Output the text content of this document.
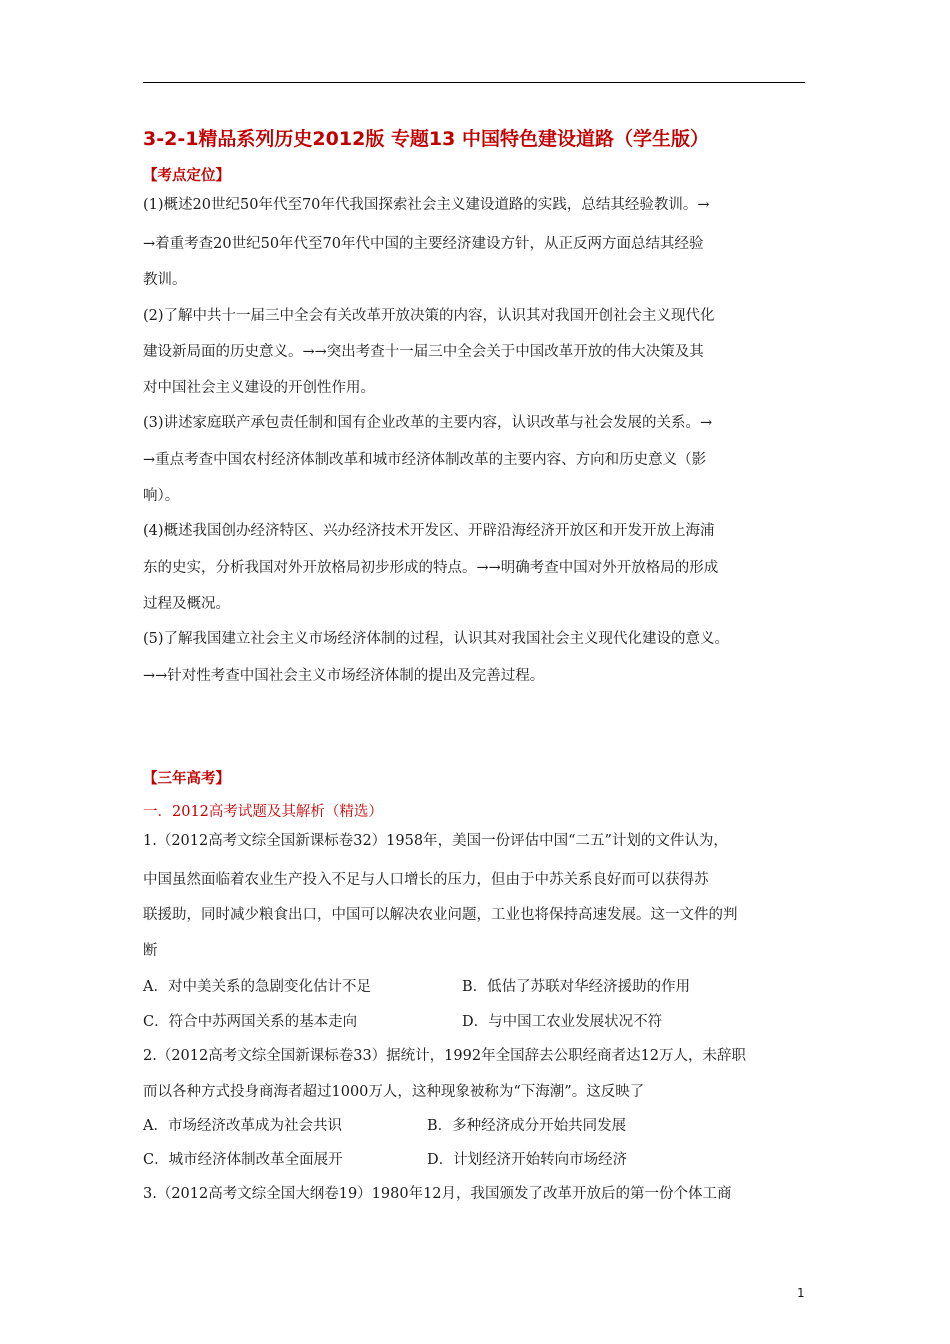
3-2-1精品系列历史2012版 专题13 中国特色建设道路（学生版）
【考点定位】
(1)概述20世纪50年代至70年代我国探索社会主义建设道路的实践，总结其经验教训。→
→着重考查20世纪50年代至70年代中国的主要经济建设方针，从正反两方面总结其经验
教训。
(2)了解中共十一届三中全会有关改革开放决策的内容，认识其对我国开创社会主义现代化
建设新局面的历史意义。→→突出考查十一届三中全会关于中国改革开放的伟大决策及其
对中国社会主义建设的开创性作用。
(3)讲述家庭联产承包责任制和国有企业改革的主要内容，认识改革与社会发展的关系。→
→重点考查中国农村经济体制改革和城市经济体制改革的主要内容、方向和历史意义（影
响）。
(4)概述我国创办经济特区、兴办经济技术开发区、开辟沿海经济开放区和开发开放上海浦
东的史实，分析我国对外开放格局初步形成的特点。→→明确考查中国对外开放格局的形成
过程及概况。
(5)了解我国建立社会主义市场经济体制的过程，认识其对我国社会主义现代化建设的意义。
→→针对性考查中国社会主义市场经济体制的提出及完善过程。
【三年高考】
一．2012高考试题及其解析（精选）
1.（2012高考文综全国新课标卷32）1958年，美国一份评估中国“二五”计划的文件认为，
中国虽然面临着农业生产投入不足与人口增长的压力，但由于中苏关系良好而可以获得苏
联援助，同时减少粮食出口，中国可以解决农业问题，工业也将保持高速发展。这一文件的判
断
A．对中美关系的急剧变化估计不足	B．低估了苏联对华经济援助的作用
C．符合中苏两国关系的基本走向	D．与中国工农业发展状况不符
2.（2012高考文综全国新课标卷33）据统计，1992年全国辞去公职经商者达12万人，未辞职
而以各种方式投身商海者超过1000万人，这种现象被称为“下海潮”。这反映了
A．市场经济改革成为社会共识	B．多种经济成分开始共同发展
C．城市经济体制改革全面展开	D．计划经济开始转向市场经济
3.（2012高考文综全国大纲卷19）1980年12月，我国颁发了改革开放后的第一份个体工商
1
